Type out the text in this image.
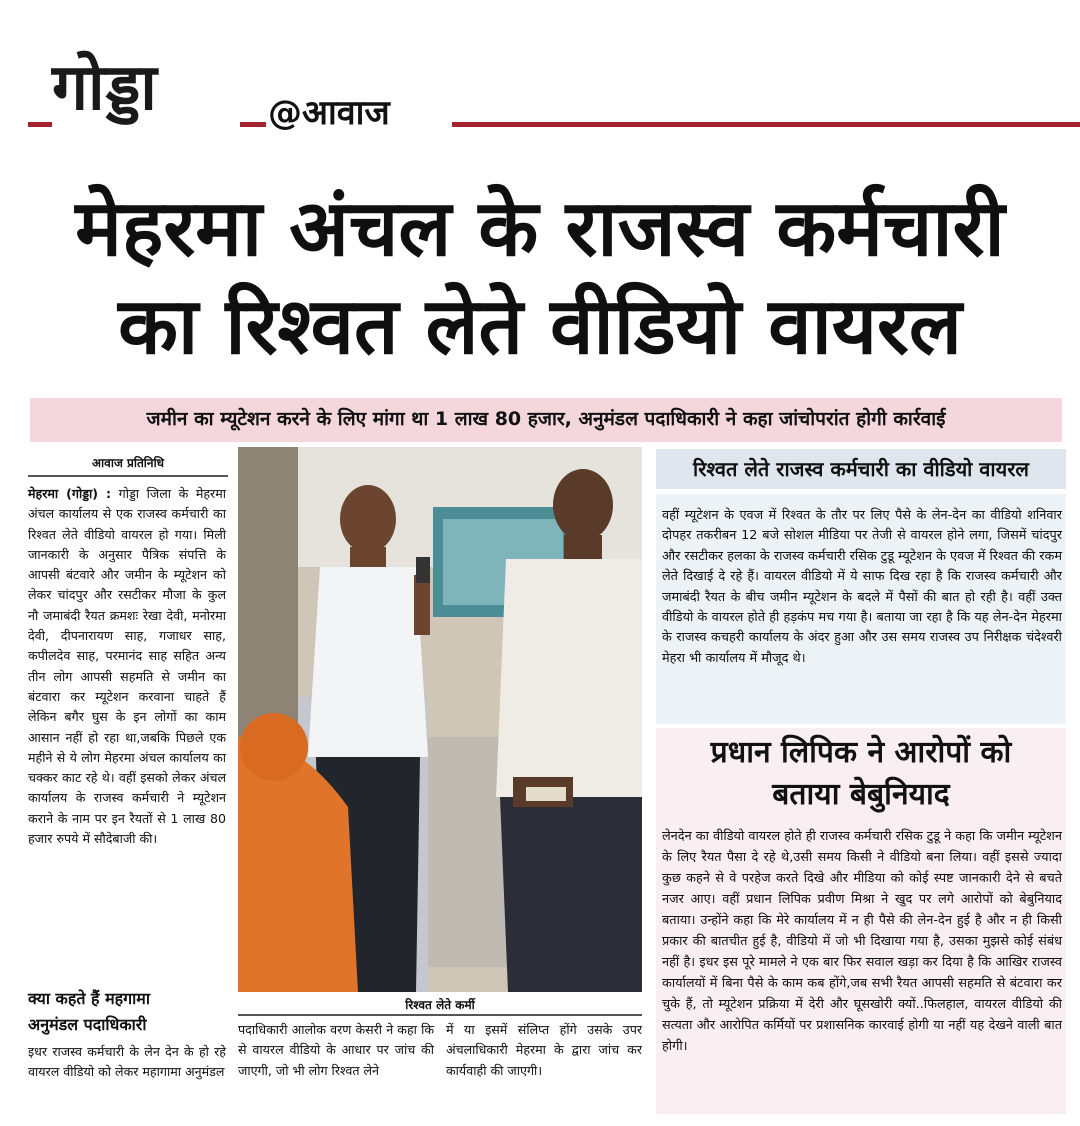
गोड्डा	@आवाज
मेहरमा अंचल के राजस्व कर्मचारी
का रिश्वत लेते वीडियो वायरल
जमीन का म्यूटेशन करने के लिए मांगा था 1 लाख 80 हजार, अनुमंडल पदाधिकारी ने कहा जांचोपरांत होगी कार्रवाई
आवाज प्रतिनिधि
मेहरमा (गोड्डा) : गोड्डा जिला के मेहरमा अंचल कार्यालय से एक राजस्व कर्मचारी का रिश्वत लेते वीडियो वायरल हो गया। मिली जानकारी के अनुसार पैत्रिक संपत्ति के आपसी बंटवारे और जमीन के म्यूटेशन को लेकर चांदपुर और रसटीकर मौजा के कुल नौ जमाबंदी रैयत क्रमशः रेखा देवी, मनोरमा देवी, दीपनारायण साह, गजाधर साह, कपीलदेव साह, परमानंद साह सहित अन्य तीन लोग आपसी सहमति से जमीन का बंटवारा कर म्यूटेशन करवाना चाहते हैं लेकिन बगैर घुस के इन लोगों का काम आसान नहीं हो रहा था,जबकि पिछले एक महीने से ये लोग मेहरमा अंचल कार्यालय का चक्कर काट रहे थे। वहीं इसको लेकर अंचल कार्यालय के राजस्व कर्मचारी ने म्यूटेशन कराने के नाम पर इन रैयतों से 1 लाख 80 हजार रुपये में सौदेबाजी की।
क्या कहते हैं महगामा
अनुमंडल पदाधिकारी
इधर राजस्व कर्मचारी के लेन देन के हो रहे वायरल वीडियो को लेकर महागामा अनुमंडल
रिश्वत लेते कर्मी
पदाधिकारी आलोक वरण केसरी ने कहा कि से वायरल वीडियो के आधार पर जांच की जाएगी, जो भी लोग रिश्वत लेने
में या इसमें संलिप्त होंगे उसके उपर अंचलाधिकारी मेहरमा के द्वारा जांच कर कार्यवाही की जाएगी।
रिश्वत लेते राजस्व कर्मचारी का वीडियो वायरल
वहीं म्यूटेशन के एवज में रिश्वत के तौर पर लिए पैसे के लेन-देन का वीडियो शनिवार दोपहर तकरीबन 12 बजे सोशल मीडिया पर तेजी से वायरल होने लगा, जिसमें चांदपुर और रसटीकर हलका के राजस्व कर्मचारी रसिक टुडू म्यूटेशन के एवज में रिश्वत की रकम लेते दिखाई दे रहे हैं। वायरल वीडियो में ये साफ दिख रहा है कि राजस्व कर्मचारी और जमाबंदी रैयत के बीच जमीन म्यूटेशन के बदले में पैसों की बात हो रही है। वहीं उक्त वीडियो के वायरल होते ही हड़कंप मच गया है। बताया जा रहा है कि यह लेन-देन मेहरमा के राजस्व कचहरी कार्यालय के अंदर हुआ और उस समय राजस्व उप निरीक्षक चंदेश्वरी मेहरा भी कार्यालय में मौजूद थे।
प्रधान लिपिक ने आरोपों को
बताया बेबुनियाद
लेनदेन का वीडियो वायरल होते ही राजस्व कर्मचारी रसिक टुडू ने कहा कि जमीन म्यूटेशन के लिए रैयत पैसा दे रहे थे,उसी समय किसी ने वीडियो बना लिया। वहीं इससे ज्यादा कुछ कहने से वे परहेज करते दिखे और मीडिया को कोई स्पष्ट जानकारी देने से बचते नजर आए। वहीं प्रधान लिपिक प्रवीण मिश्रा ने खुद पर लगे आरोपों को बेबुनियाद बताया। उन्होंने कहा कि मेरे कार्यालय में न ही पैसे की लेन-देन हुई है और न ही किसी प्रकार की बातचीत हुई है, वीडियो में जो भी दिखाया गया है, उसका मुझसे कोई संबंध नहीं है। इधर इस पूरे मामले ने एक बार फिर सवाल खड़ा कर दिया है कि आखिर राजस्व कार्यालयों में बिना पैसे के काम कब होंगे,जब सभी रैयत आपसी सहमति से बंटवारा कर चुके हैं, तो म्यूटेशन प्रक्रिया में देरी और घूसखोरी क्यों..फिलहाल, वायरल वीडियो की सत्यता और आरोपित कर्मियों पर प्रशासनिक कारवाई होगी या नहीं यह देखने वाली बात होगी।
